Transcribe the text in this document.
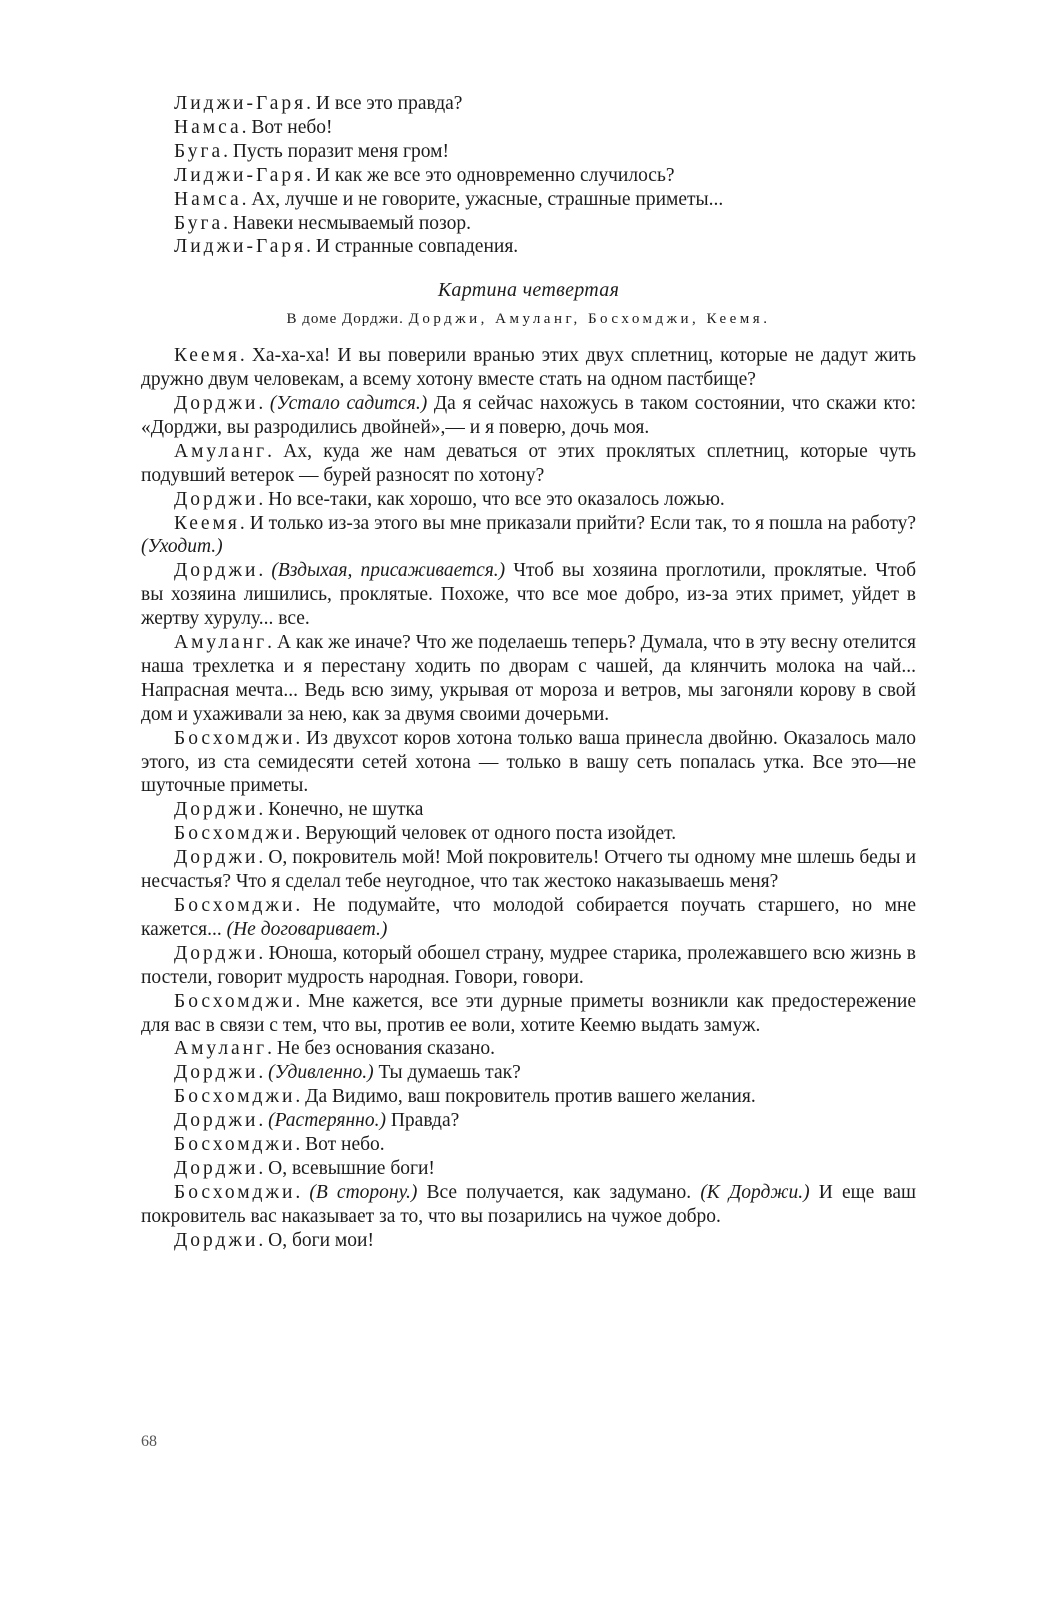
Лиджи-Гаря. И все это правда?
Намса. Вот небо!
Буга. Пусть поразит меня гром!
Лиджи-Гаря. И как же все это одновременно случилось?
Намса. Ах, лучше и не говорите, ужасные, страшные приметы...
Буга. Навеки несмываемый позор.
Лиджи-Гаря. И странные совпадения.
Картина четвертая
В доме Дорджи. Дорджи, Амуланг, Босхомджи, Кеемя.

Кеемя. Ха-ха-ха! И вы поверили вранью этих двух сплетниц, которые не дадут жить дружно двум человекам, а всему хотону вместе стать на одном пастбище?

Дорджи. (Устало садится.) Да я сейчас нахожусь в таком состоянии, что скажи кто: «Дорджи, вы разродились двойней»,— и я поверю, дочь моя.

Амуланг. Ах, куда же нам деваться от этих проклятых сплетниц, которые чуть подувший ветерок — бурей разносят по хотону?

Дорджи. Но все-таки, как хорошо, что все это оказалось ложью.

Кеемя. И только из-за этого вы мне приказали прийти? Если так, то я пошла на работу? (Уходит.)

Дорджи. (Вздыхая, присаживается.) Чтоб вы хозяина проглотили, проклятые. Чтоб вы хозяина лишились, проклятые. Похоже, что все мое добро, из-за этих примет, уйдет в жертву хурулу... все.

Амуланг. А как же иначе? Что же поделаешь теперь? Думала, что в эту весну отелится наша трехлетка и я перестану ходить по дворам с чашей, да клянчить молока на чай... Напрасная мечта... Ведь всю зиму, укрывая от мороза и ветров, мы загоняли корову в свой дом и ухаживали за нею, как за двумя своими дочерьми.

Босхомджи. Из двухсот коров хотона только ваша принесла двойню. Оказалось мало этого, из ста семидесяти сетей хотона — только в вашу сеть попалась утка. Все это—не шуточные приметы.

Дорджи. Конечно, не шутка

Босхомджи. Верующий человек от одного поста изойдет.

Дорджи. О, покровитель мой! Мой покровитель! Отчего ты одному мне шлешь беды и несчастья? Что я сделал тебе неугодное, что так жестоко наказываешь меня?

Босхомджи. Не подумайте, что молодой собирается поучать старшего, но мне кажется... (Не договаривает.)

Дорджи. Юноша, который обошел страну, мудрее старика, пролежавшего всю жизнь в постели, говорит мудрость народная. Говори, говори.

Босхомджи. Мне кажется, все эти дурные приметы возникли как предостережение для вас в связи с тем, что вы, против ее воли, хотите Кеемю выдать замуж.

Амуланг. Не без основания сказано.

Дорджи. (Удивленно.) Ты думаешь так?

Босхомджи. Да Видимо, ваш покровитель против вашего желания.

Дорджи. (Растерянно.) Правда?

Босхомджи. Вот небо.

Дорджи. О, всевышние боги!

Босхомджи. (В сторону.) Все получается, как задумано. (К Дорджи.) И еще ваш покровитель вас наказывает за то, что вы позарились на чужое добро.

Дорджи. О, боги мои!

68
